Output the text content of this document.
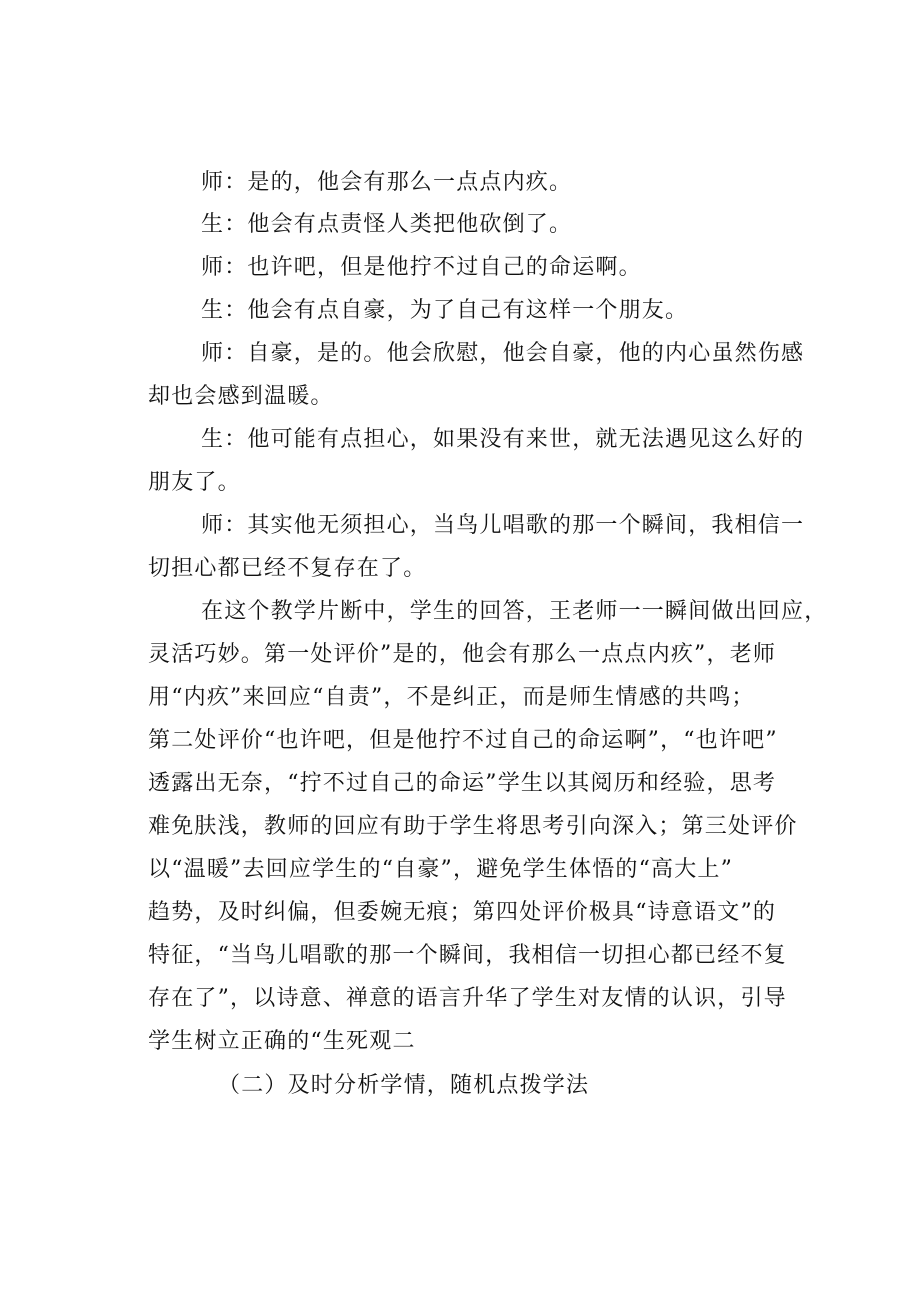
师：是的，他会有那么一点点内疚。
生：他会有点责怪人类把他砍倒了。
师：也许吧，但是他拧不过自己的命运啊。
生：他会有点自豪，为了自己有这样一个朋友。
师：自豪，是的。他会欣慰，他会自豪，他的内心虽然伤感
却也会感到温暖。
生：他可能有点担心，如果没有来世，就无法遇见这么好的
朋友了。
师：其实他无须担心，当鸟儿唱歌的那一个瞬间，我相信一
切担心都已经不复存在了。
在这个教学片断中，学生的回答，王老师一一瞬间做出回应，
灵活巧妙。第一处评价”是的，他会有那么一点点内疚”，老师
用“内疚”来回应“自责”，不是纠正，而是师生情感的共鸣；
第二处评价“也许吧，但是他拧不过自己的命运啊”，“也许吧”
透露出无奈，“拧不过自己的命运”学生以其阅历和经验，思考
难免肤浅，教师的回应有助于学生将思考引向深入；第三处评价
以“温暖”去回应学生的“自豪”，避免学生体悟的“高大上”
趋势，及时纠偏，但委婉无痕；第四处评价极具“诗意语文”的
特征，“当鸟儿唱歌的那一个瞬间，我相信一切担心都已经不复
存在了”，以诗意、禅意的语言升华了学生对友情的认识，引导
学生树立正确的“生死观二
（二）及时分析学情，随机点拨学法
